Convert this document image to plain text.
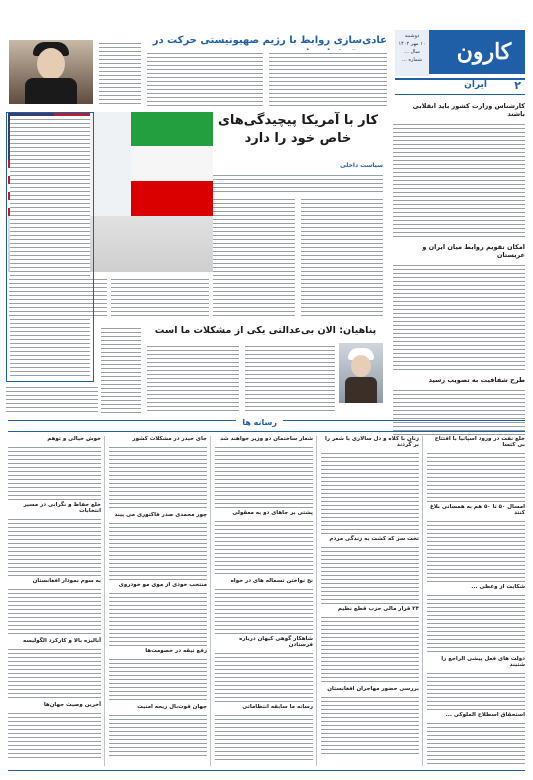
کارون
دوشنبه
۱۰ مهر ۱۴۰۲
سال ...
شماره ...
ایران ۲
عادی‌سازی روابط با رژیم صهیونیستی حرکت در
کارشناس وزارت کشور باید انقلابی باشند
امکان تقویم روابط میان ایران و عربستان
طرح شفافیت به تصویب رسید
کار با آمریکا پیچیدگی‌های خاص خود را دارد
سیاست داخلی
پناهیان: الان بی‌عدالتی یکی از مشکلات ما است
رسانه ها
خلع نفت در ورود اسپانیا با افتتاح بی کتسا
امسال ۵۰ تا ۵۰ هم به همسانی بلاغ کنند
شکایت از وعظی ...
دولت های فعل پیشی الراجع را شتیند
استحقاق اسطلاح الملوکی ...
زنان با کلاه و دل سالاری با شعر را بر گردند
تخت سر که کشت به زندگی مردم
۲۴ قرار مالی حزب قطع نظیم
بررسی حضور مهاجران افغانستان
شعار ساختمان دو وزیر خواهند شد
پشتی بر جاهای دو به معقولی
نخ نواختن تسماله های در خواه
شاهکار گوهی کیهان درباره فرسنادن
رسانه ما سابقه انتظاماتی
جای حیدر در مشکلات کشور
چور محمدی صدر فاکتوری می پیند
منتخب خودی از موی مو خودروی
رفع تیقه در خصومت‌ها
جهان فوت‌بال ریحه امنیت
خوش خیالی و توهم
خلع حفاظ و نگرانی در مسیر انتخابات
به سوم نمودار افغانستان
آنالیزه بالا و کارکرد الگولیسه
آخرین وصیت جهان‌ها
